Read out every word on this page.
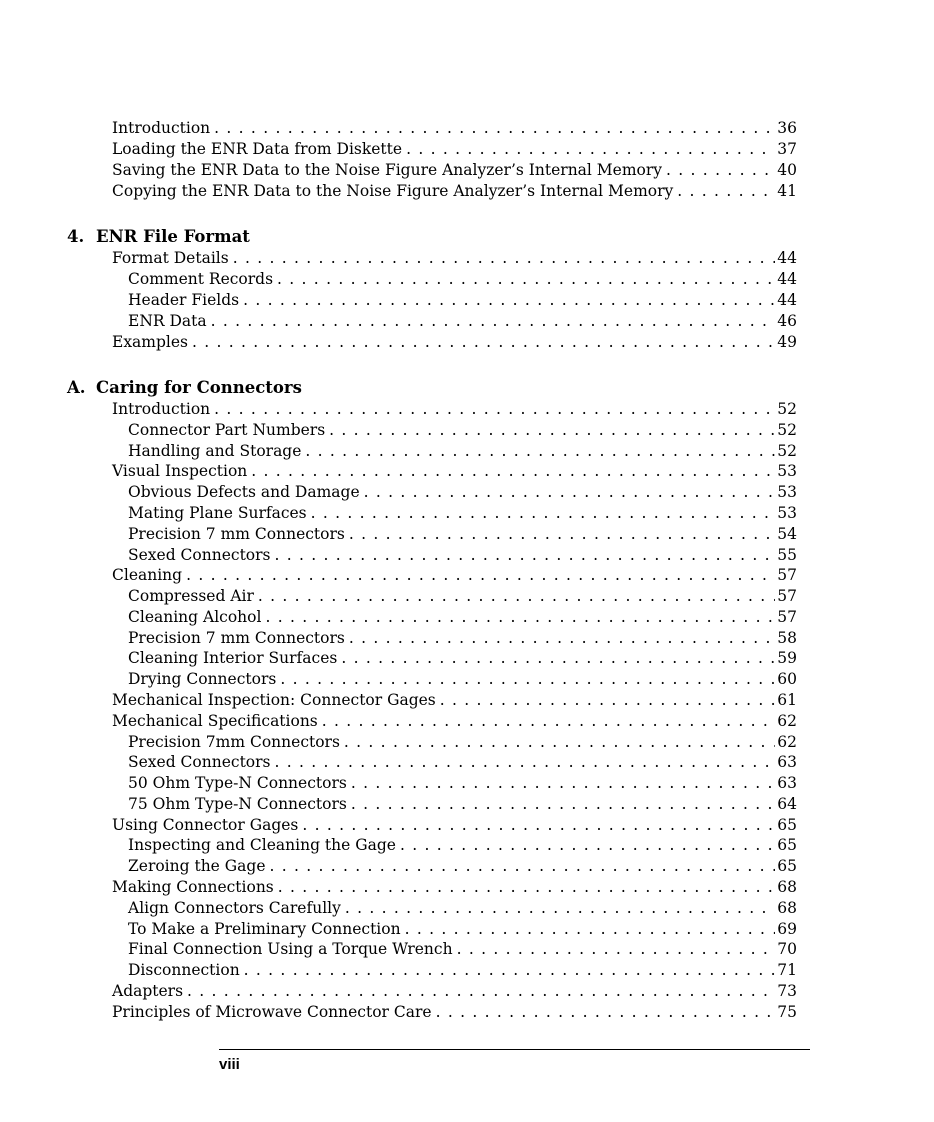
Introduction . . .	36
Loading the ENR Data from Diskette . . .	37
Saving the ENR Data to the Noise Figure Analyzer’s Internal Memory . . .	40
Copying the ENR Data to the Noise Figure Analyzer’s Internal Memory . . .	41
4. ENR File Format
Format Details . . .	44
Comment Records . . .	44
Header Fields . . .	44
ENR Data . . .	46
Examples . . .	49
A. Caring for Connectors
Introduction . . .	52
Connector Part Numbers . . .	52
Handling and Storage . . .	52
Visual Inspection . . .	53
Obvious Defects and Damage . . .	53
Mating Plane Surfaces . . .	53
Precision 7 mm Connectors . . .	54
Sexed Connectors . . .	55
Cleaning . . .	57
Compressed Air . . .	57
Cleaning Alcohol . . .	57
Precision 7 mm Connectors . . .	58
Cleaning Interior Surfaces . . .	59
Drying Connectors . . .	60
Mechanical Inspection: Connector Gages . . .	61
Mechanical Specifications . . .	62
Precision 7mm Connectors . . .	62
Sexed Connectors . . .	63
50 Ohm Type-N Connectors . . .	63
75 Ohm Type-N Connectors . . .	64
Using Connector Gages . . .	65
Inspecting and Cleaning the Gage . . .	65
Zeroing the Gage . . .	65
Making Connections . . .	68
Align Connectors Carefully . . .	68
To Make a Preliminary Connection . . .	69
Final Connection Using a Torque Wrench . . .	70
Disconnection . . .	71
Adapters . . .	73
Principles of Microwave Connector Care . . .	75
viii
